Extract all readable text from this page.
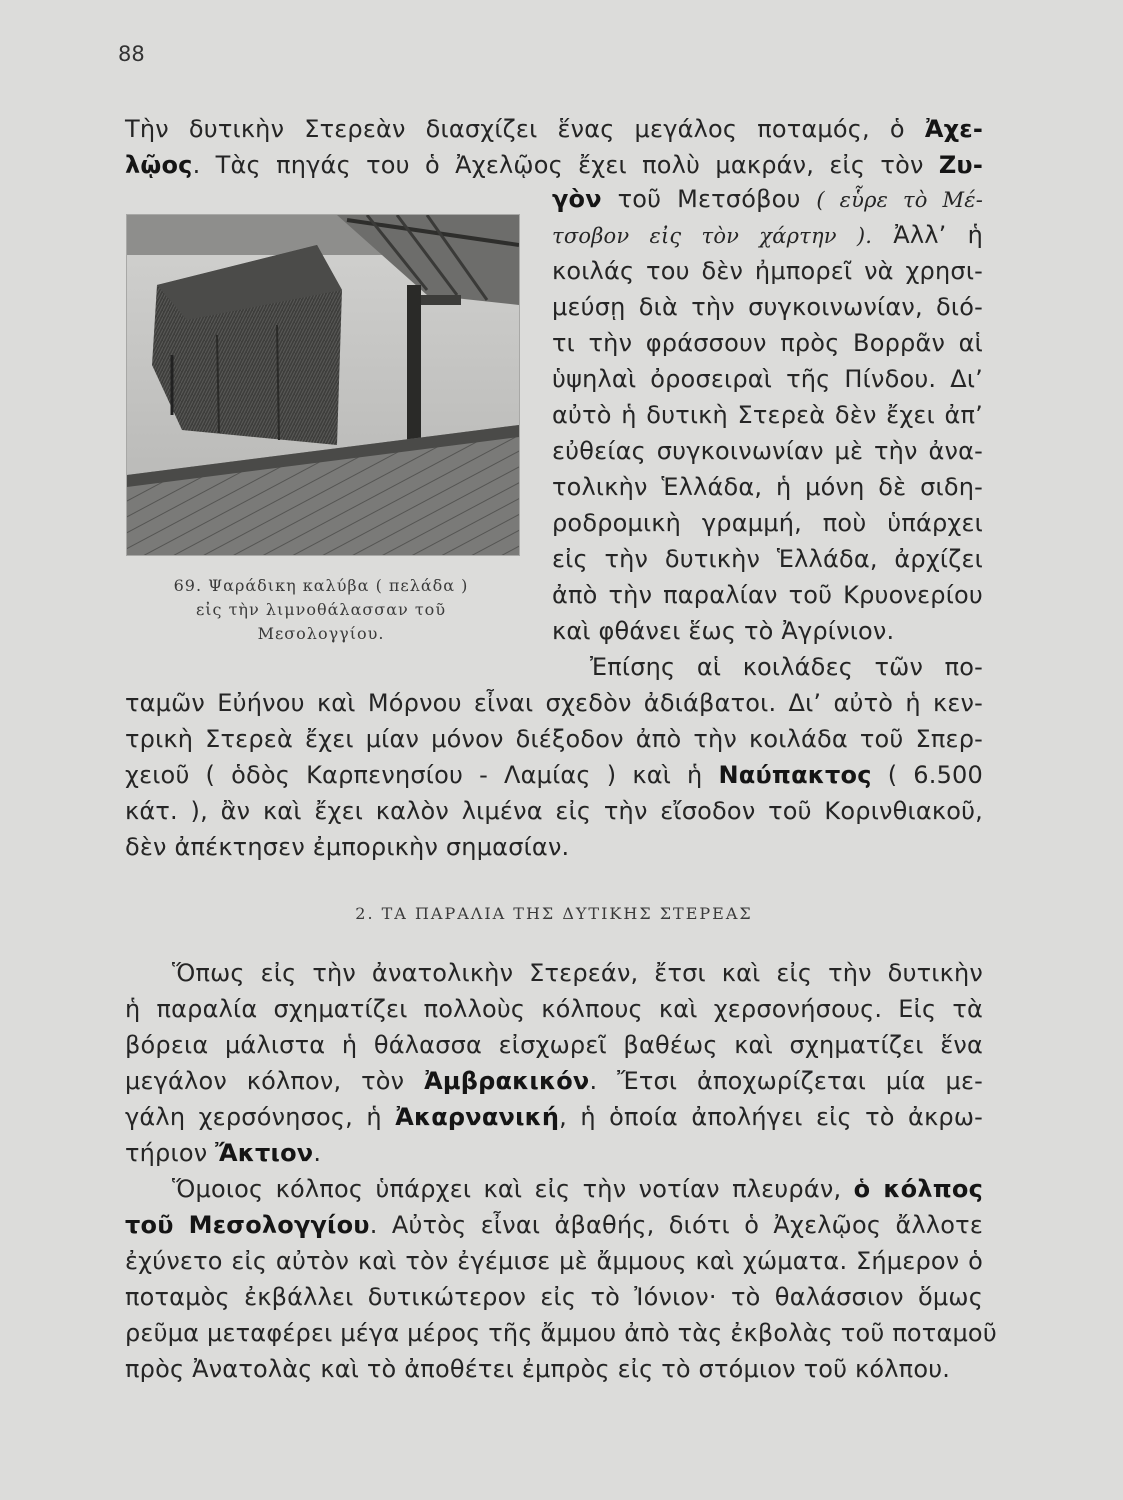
88
Τὴν δυτικὴν Στερεὰν διασχίζει ἕνας μεγάλος ποταμός, ὁ Ἀχε-
λῷος. Τὰς πηγάς του ὁ Ἀχελῷος ἔχει πολὺ μακράν, εἰς τὸν Ζυ-
69. Ψαράδικη καλύβα ( πελάδα )
εἰς τὴν λιμνοθάλασσαν τοῦ
Μεσολογγίου.
γὸν τοῦ Μετσόβου ( εὗρε τὸ Μέ-
τσοβον εἰς τὸν χάρτην ). Ἀλλ’ ἡ
κοιλάς του δὲν ἠμπορεῖ νὰ χρησι-
μεύσῃ διὰ τὴν συγκοινωνίαν, διό-
τι τὴν φράσσουν πρὸς Βορρᾶν αἱ
ὑψηλαὶ ὀροσειραὶ τῆς Πίνδου. Δι’
αὐτὸ ἡ δυτικὴ Στερεὰ δὲν ἔχει ἀπ’
εὐθείας συγκοινωνίαν μὲ τὴν ἀνα-
τολικὴν Ἑλλάδα, ἡ μόνη δὲ σιδη-
ροδρομικὴ γραμμή, ποὺ ὑπάρχει
εἰς τὴν δυτικὴν Ἑλλάδα, ἀρχίζει
ἀπὸ τὴν παραλίαν τοῦ Κρυονερίου
καὶ φθάνει ἕως τὸ Ἀγρίνιον.
Ἐπίσης αἱ κοιλάδες τῶν πο-
ταμῶν Εὐήνου καὶ Μόρνου εἶναι σχεδὸν ἀδιάβατοι. Δι’ αὐτὸ ἡ κεν-
τρικὴ Στερεὰ ἔχει μίαν μόνον διέξοδον ἀπὸ τὴν κοιλάδα τοῦ Σπερ-
χειοῦ ( ὁδὸς Καρπενησίου - Λαμίας ) καὶ ἡ Ναύπακτος ( 6.500
κάτ. ), ἂν καὶ ἔχει καλὸν λιμένα εἰς τὴν εἴσοδον τοῦ Κορινθιακοῦ,
δὲν ἀπέκτησεν ἐμπορικὴν σημασίαν.
2. ΤΑ ΠΑΡΑΛΙΑ ΤΗΣ ΔΥΤΙΚΗΣ ΣΤΕΡΕΑΣ
Ὅπως εἰς τὴν ἀνατολικὴν Στερεάν, ἔτσι καὶ εἰς τὴν δυτικὴν
ἡ παραλία σχηματίζει πολλοὺς κόλπους καὶ χερσονήσους. Εἰς τὰ
βόρεια μάλιστα ἡ θάλασσα εἰσχωρεῖ βαθέως καὶ σχηματίζει ἕνα
μεγάλον κόλπον, τὸν Ἀμβρακικόν. Ἔτσι ἀποχωρίζεται μία με-
γάλη χερσόνησος, ἡ Ἀκαρνανική, ἡ ὁποία ἀπολήγει εἰς τὸ ἀκρω-
τήριον Ἄκτιον.
Ὅμοιος κόλπος ὑπάρχει καὶ εἰς τὴν νοτίαν πλευράν, ὁ κόλπος
τοῦ Μεσολογγίου. Αὐτὸς εἶναι ἀβαθής, διότι ὁ Ἀχελῷος ἄλλοτε
ἐχύνετο εἰς αὐτὸν καὶ τὸν ἐγέμισε μὲ ἄμμους καὶ χώματα. Σήμερον ὁ
ποταμὸς ἐκβάλλει δυτικώτερον εἰς τὸ Ἰόνιον· τὸ θαλάσσιον ὅμως
ρεῦμα μεταφέρει μέγα μέρος τῆς ἄμμου ἀπὸ τὰς ἐκβολὰς τοῦ ποταμοῦ
πρὸς Ἀνατολὰς καὶ τὸ ἀποθέτει ἐμπρὸς εἰς τὸ στόμιον τοῦ κόλπου.
